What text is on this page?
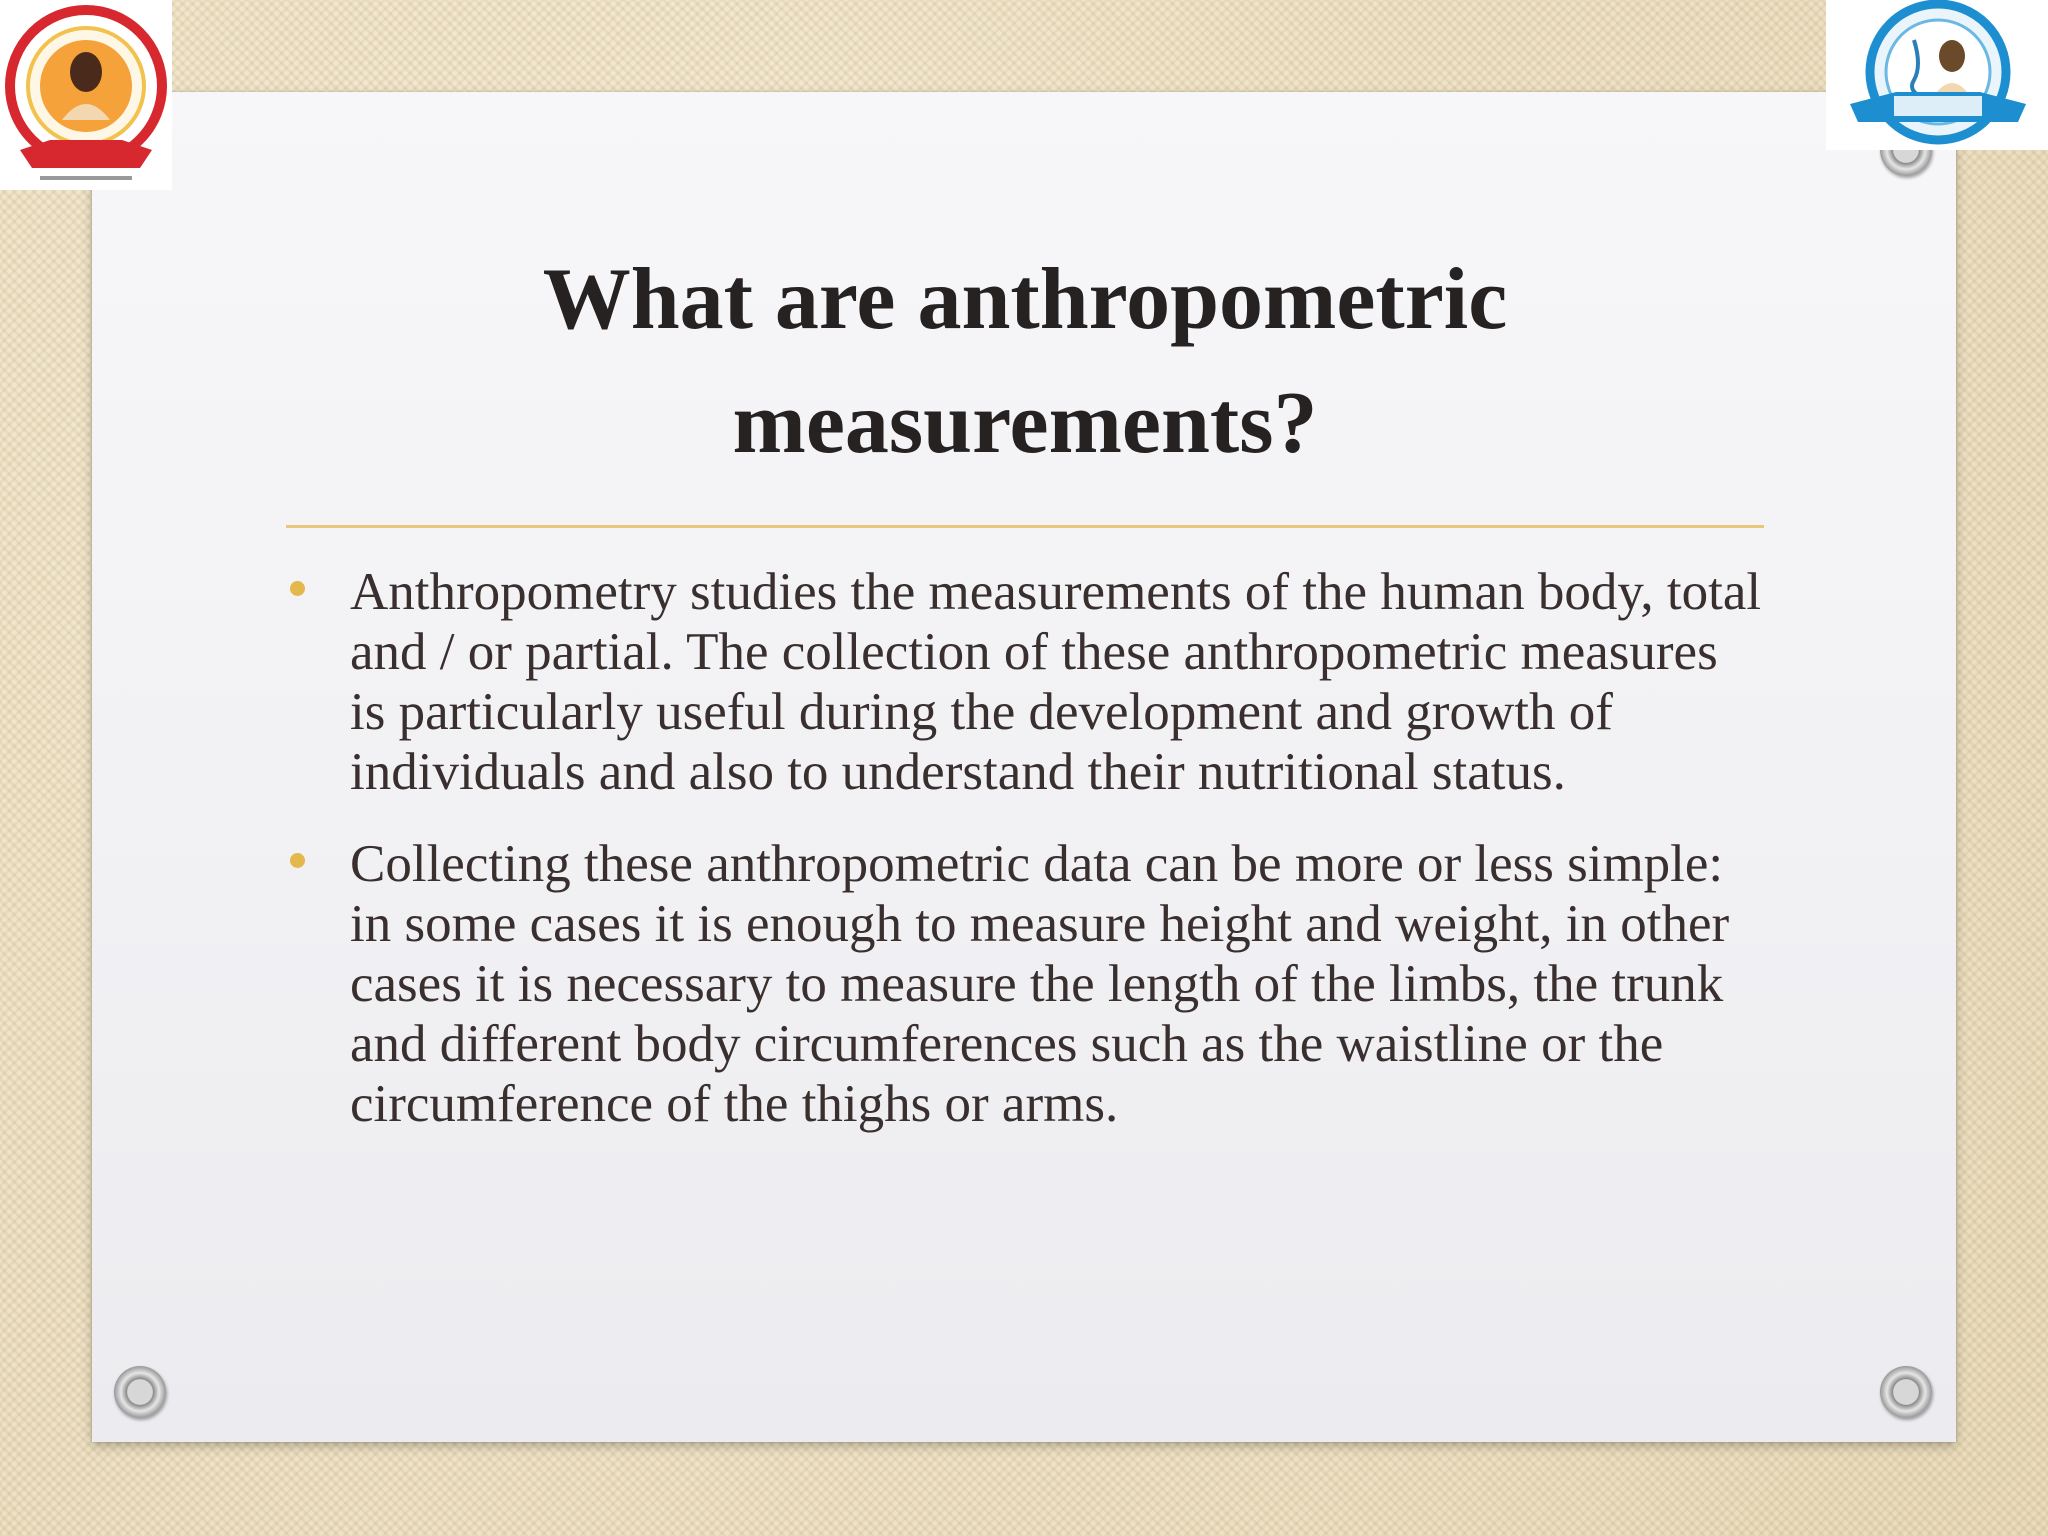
What are anthropometric
measurements?
Anthropometry studies the measurements of the human body, total and / or partial. The collection of these anthropometric measures is particularly useful during the development and growth of individuals and also to understand their nutritional status.
Collecting these anthropometric data can be more or less simple: in some cases it is enough to measure height and weight, in other cases it is necessary to measure the length of the limbs, the trunk and different body circumferences such as the waistline or the circumference of the thighs or arms.
